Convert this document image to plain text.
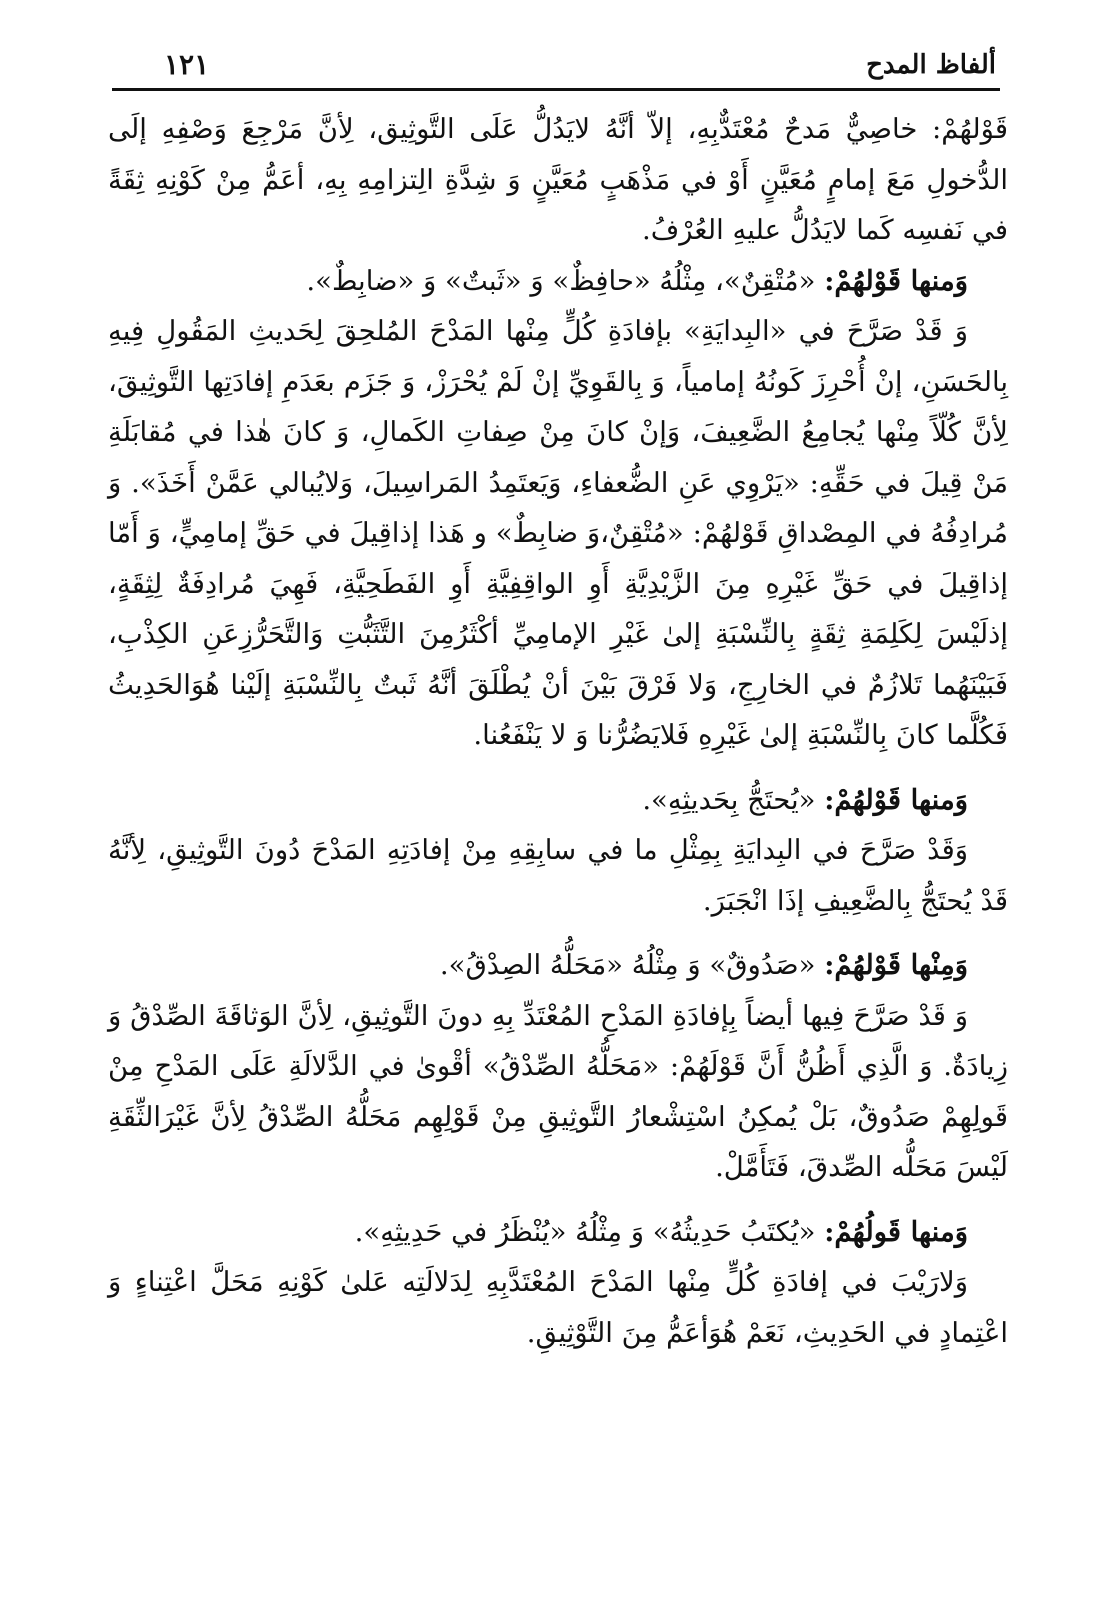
ألفاظ المدح
١٢١

قَوْلهُمْ: خاصِيٌّ مَدحٌ مُعْتَدٌّبِهِ، إلاّ أنَّهُ لايَدُلُّ عَلَى التَّوثِيق، لِأنَّ مَرْجِعَ وَصْفِهِ إلَى الدُّخولِ مَعَ إمامٍ مُعَيَّنٍ أَوْ في مَذْهَبٍ مُعَيَّنٍ وَ شِدَّةِ الِتزامِهِ بِهِ، أعَمُّ مِنْ كَوْنِهِ ثِقَةً في نَفسِه كَما لايَدُلُّ عليهِ العُرْفُ.

وَمنها قَوْلهُمْ: «مُتْقِنٌ»، مِثْلُهُ «حافِظٌ» وَ «ثَبتٌ» وَ «ضابِطٌ».

وَ قَدْ صَرَّحَ في «البِدايَةِ» بإفادَةِ كُلٍّ مِنْها المَدْحَ المُلحِقَ لِحَديثِ المَقُولِ فِيهِ بِالحَسَنِ، إنْ أُحْرِزَ كَونُهُ إمامياً، وَ بِالقَوِيِّ إنْ لَمْ يُحْرَزْ، وَ جَزَم بعَدَمِ إفادَتِها التَّوثِيقَ، لِأنَّ كُلّاً مِنْها يُجامِعُ الضَّعِيفَ، وَإنْ كانَ مِنْ صِفاتِ الكَمالِ، وَ كانَ هٰذا في مُقابَلَةِ مَنْ قِيلَ في حَقِّهِ: «يَرْوِي عَنِ الضُّعفاءِ، وَيَعتَمِدُ المَراسِيلَ، وَلايُبالي عَمَّنْ أَخَذَ». وَ مُرادِفُهُ في المِصْداقِ قَوْلهُمْ: «مُتْقِنٌ،وَ ضابِطٌ» و هَذا إذاقِيلَ في حَقِّ إمامِيٍّ، وَ أَمّا إذاقِيلَ في حَقِّ غَيْرِهِ مِنَ الزَّيْدِيَّةِ أَوِ الواقِفِيَّةِ أَوِ الفَطَحِيَّةِ، فَهِيَ مُرادِفَةٌ لِثِقَةٍ، إذلَيْسَ لِكَلِمَةِ ثِقَةٍ بِالنِّسْبَةِ إلىٰ غَيْرِ الإمامِيِّ أكْثَرُمِنَ التَّثَبُّتِ وَالتَّحَرُّزِعَنِ الكِذْبِ، فَبَيْنَهُما تَلازُمٌ في الخارِجِ، وَلا فَرْقَ بَيْنَ أنْ يُطْلَقَ أنَّهُ ثَبتٌ بِالنِّسْبَةِ إلَيْنا هُوَالحَدِيثُ فَكُلَّما كانَ بِالنِّسْبَةِ إلىٰ غَيْرِهِ فَلايَضُرُّنا وَ لا يَنْفَعُنا.

وَمنها قَوْلهُمْ: «يُحتَجُّ بِحَديثِهِ».

وَقَدْ صَرَّحَ في البِدايَةِ بِمِثْلِ ما في سابِقِهِ مِنْ إفادَتِهِ المَدْحَ دُونَ التَّوثِيقِ، لِأنَّهُ قَدْ يُحتَجُّ بِالضَّعِيفِ إذَا انْجَبَرَ.

وَمِنْها قَوْلهُمْ: «صَدُوقٌ» وَ مِثْلُهُ «مَحَلُّهُ الصِدْقُ».

وَ قَدْ صَرَّحَ فِيها أيضاً بِإفادَةِ المَدْحِ المُعْتَدِّ بِهِ دونَ التَّوثِيقِ، لِأنَّ الوَثاقَةَ الصِّدْقُ وَ زِيادَةٌ. وَ الَّذِي أَظُنُّ أَنَّ قَوْلَهُمْ: «مَحَلُّهُ الصِّدْقُ» أقْوىٰ في الدَّلالَةِ عَلَى المَدْحِ مِنْ قَولِهِمْ صَدُوقٌ، بَلْ يُمكِنُ اسْتِشْعارُ التَّوثِيقِ مِنْ قَوْلِهِم مَحَلُّهُ الصِّدْقُ لِأنَّ غَيْرَالثِّقَةِ لَيْسَ مَحَلُّه الصِّدقَ، فَتَأَمَّلْ.

وَمنها قَولُهُمْ: «يُكتَبُ حَدِيثُهُ» وَ مِثْلُهُ «يُنْظَرُ في حَدِيثِهِ».

وَلارَيْبَ في إفادَةِ كُلٍّ مِنْها المَدْحَ المُعْتَدَّبِهِ لِدَلالَتِه عَلىٰ كَوْنِهِ مَحَلَّ اعْتِناءٍ وَ اعْتِمادٍ في الحَدِيثِ، نَعَمْ هُوَأعَمُّ مِنَ التَّوْثِيقِ.
